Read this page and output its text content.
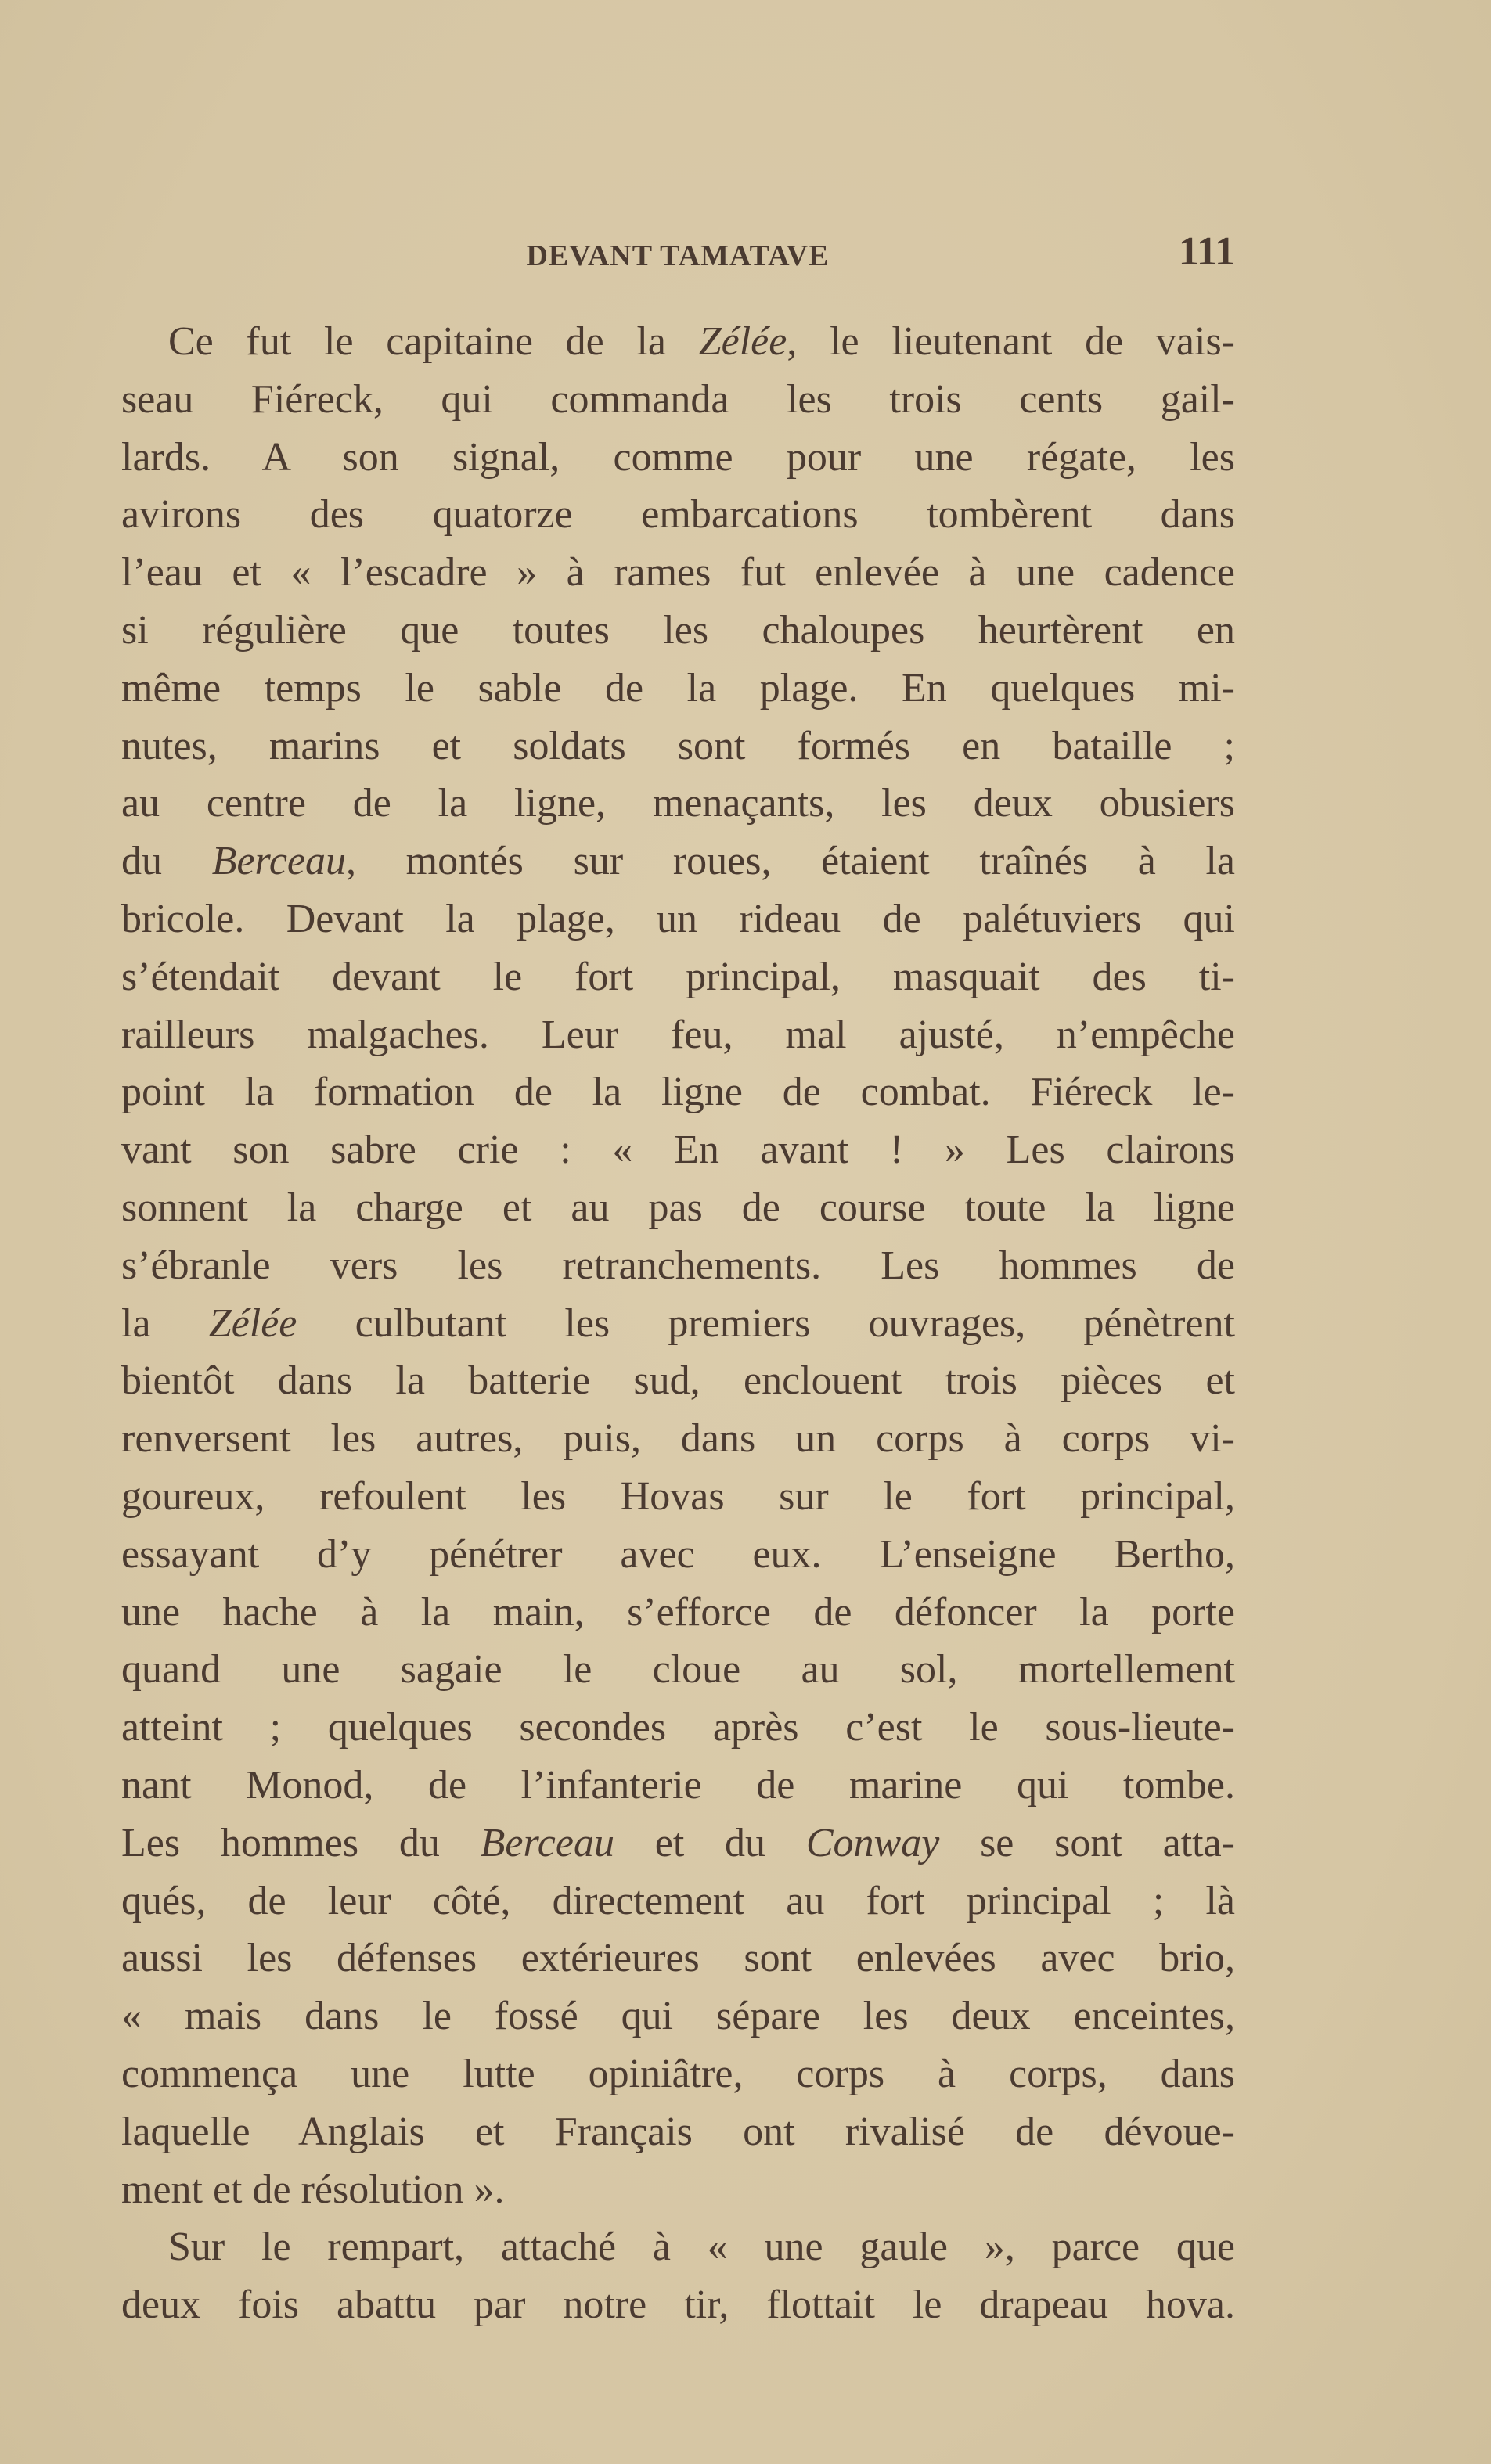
DEVANT TAMATAVE	111
Ce fut le capitaine de la Zélée, le lieutenant de vais-
seau Fiéreck, qui commanda les trois cents gail-
lards. A son signal, comme pour une régate, les
avirons des quatorze embarcations tombèrent dans
l’eau et « l’escadre » à rames fut enlevée à une cadence
si régulière que toutes les chaloupes heurtèrent en
même temps le sable de la plage. En quelques mi-
nutes, marins et soldats sont formés en bataille ;
au centre de la ligne, menaçants, les deux obusiers
du Berceau, montés sur roues, étaient traînés à la
bricole. Devant la plage, un rideau de palétuviers qui
s’étendait devant le fort principal, masquait des ti-
railleurs malgaches. Leur feu, mal ajusté, n’empêche
point la formation de la ligne de combat. Fiéreck le-
vant son sabre crie : « En avant ! » Les clairons
sonnent la charge et au pas de course toute la ligne
s’ébranle vers les retranchements. Les hommes de
la Zélée culbutant les premiers ouvrages, pénètrent
bientôt dans la batterie sud, enclouent trois pièces et
renversent les autres, puis, dans un corps à corps vi-
goureux, refoulent les Hovas sur le fort principal,
essayant d’y pénétrer avec eux. L’enseigne Bertho,
une hache à la main, s’efforce de défoncer la porte
quand une sagaie le cloue au sol, mortellement
atteint ; quelques secondes après c’est le sous-lieute-
nant Monod, de l’infanterie de marine qui tombe.
Les hommes du Berceau et du Conway se sont atta-
qués, de leur côté, directement au fort principal ; là
aussi les défenses extérieures sont enlevées avec brio,
« mais dans le fossé qui sépare les deux enceintes,
commença une lutte opiniâtre, corps à corps, dans
laquelle Anglais et Français ont rivalisé de dévoue-
ment et de résolution ».
Sur le rempart, attaché à « une gaule », parce que
deux fois abattu par notre tir, flottait le drapeau hova.
